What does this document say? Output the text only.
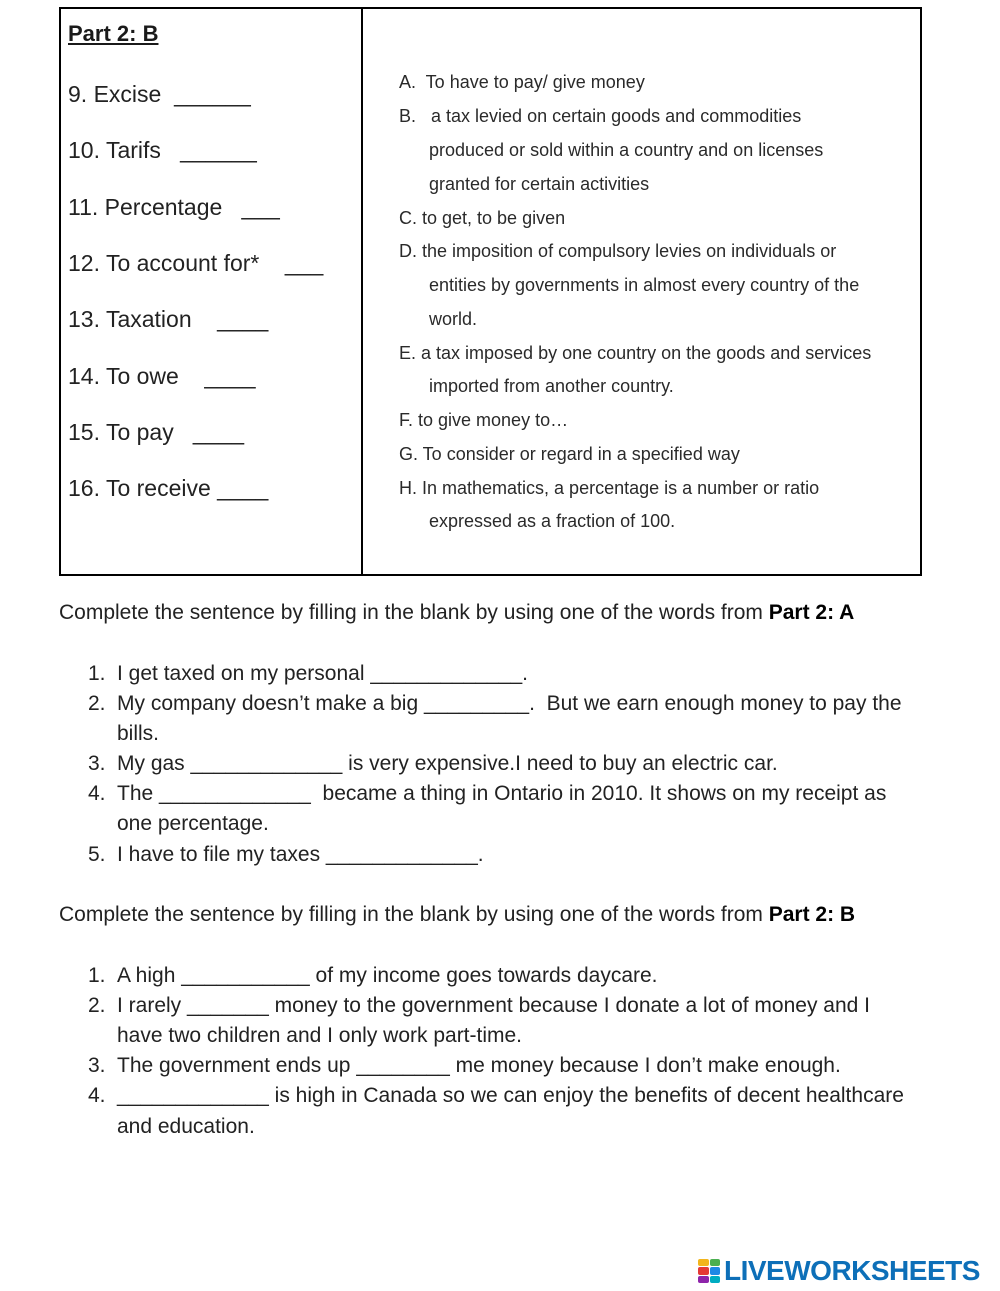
Part 2: B
9. Excise  ______
10. Tarifs   ______
11. Percentage   ___
12. To account for*    ___
13. Taxation    ____
14. To owe    ____
15. To pay   ____
16. To receive ____
A.  To have to pay/ give money
B.   a tax levied on certain goods and commodities
produced or sold within a country and on licenses
granted for certain activities
C. to get, to be given
D. the imposition of compulsory levies on individuals or
entities by governments in almost every country of the
world.
E. a tax imposed by one country on the goods and services
imported from another country.
F. to give money to…
G. To consider or regard in a specified way
H. In mathematics, a percentage is a number or ratio
expressed as a fraction of 100.
Complete the sentence by filling in the blank by using one of the words from Part 2: A
1. I get taxed on my personal _____________.
2. My company doesn’t make a big _________.  But we earn enough money to pay the
bills.
3. My gas _____________ is very expensive.I need to buy an electric car.
4. The _____________  became a thing in Ontario in 2010. It shows on my receipt as
one percentage.
5. I have to file my taxes _____________.
Complete the sentence by filling in the blank by using one of the words from Part 2: B
1. A high ___________ of my income goes towards daycare.
2. I rarely _______ money to the government because I donate a lot of money and I
have two children and I only work part-time.
3. The government ends up ________ me money because I don’t make enough.
4. _____________ is high in Canada so we can enjoy the benefits of decent healthcare
and education.
LIVEWORKSHEETS
